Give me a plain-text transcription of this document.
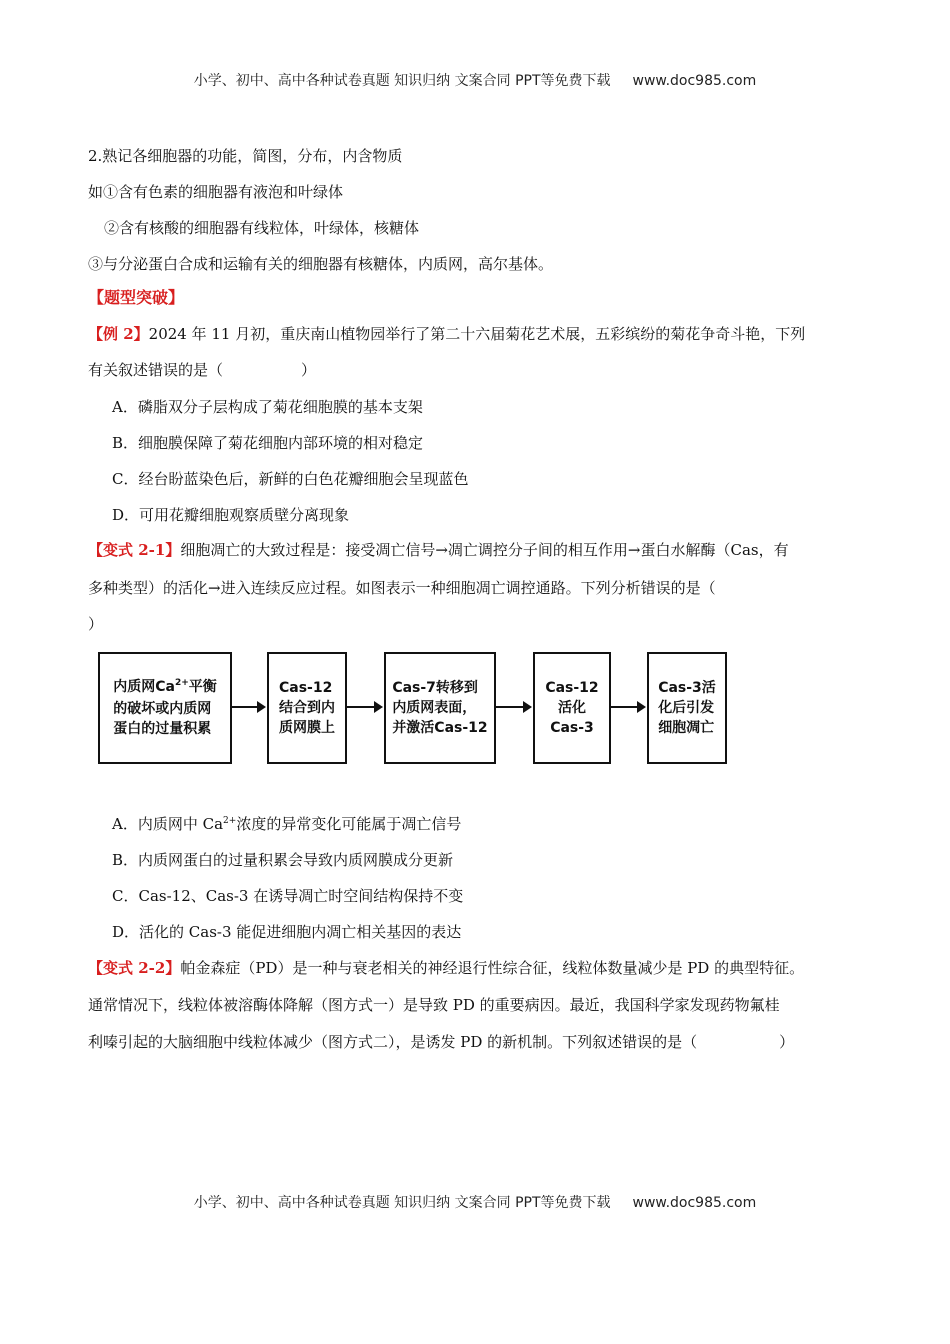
小学、初中、高中各种试卷真题 知识归纳 文案合同 PPT等免费下载 www.doc985.com
2.熟记各细胞器的功能，简图，分布，内含物质
如①含有色素的细胞器有液泡和叶绿体
②含有核酸的细胞器有线粒体，叶绿体，核糖体
③与分泌蛋白合成和运输有关的细胞器有核糖体，内质网，高尔基体。
【题型突破】
【例 2】2024 年 11 月初，重庆南山植物园举行了第二十六届菊花艺术展，五彩缤纷的菊花争奇斗艳，下列
有关叙述错误的是（	）
A．磷脂双分子层构成了菊花细胞膜的基本支架
B．细胞膜保障了菊花细胞内部环境的相对稳定
C．经台盼蓝染色后，新鲜的白色花瓣细胞会呈现蓝色
D．可用花瓣细胞观察质壁分离现象
【变式 2-1】细胞凋亡的大致过程是：接受凋亡信号→凋亡调控分子间的相互作用→蛋白水解酶（Cas，有
多种类型）的活化→进入连续反应过程。如图表示一种细胞凋亡调控通路。下列分析错误的是（
）
内质网$Ca^{2+}$平衡
的破坏或内质网
蛋白的过量积累
Cas-12
结合到内
质网膜上
Cas-7转移到
内质网表面，
并激活Cas-12
Cas-12
活化
Cas-3
Cas-3活
化后引发
细胞凋亡
A．内质网中 $Ca^{2+}$浓度的异常变化可能属于凋亡信号
B．内质网蛋白的过量积累会导致内质网膜成分更新
C．Cas-12、Cas-3 在诱导凋亡时空间结构保持不变
D．活化的 Cas-3 能促进细胞内凋亡相关基因的表达
【变式 2-2】帕金森症（PD）是一种与衰老相关的神经退行性综合征，线粒体数量减少是 PD 的典型特征。
通常情况下，线粒体被溶酶体降解（图方式一）是导致 PD 的重要病因。最近，我国科学家发现药物氟桂
利嗪引起的大脑细胞中线粒体减少（图方式二），是诱发 PD 的新机制。下列叙述错误的是（	）
小学、初中、高中各种试卷真题 知识归纳 文案合同 PPT等免费下载 www.doc985.com
